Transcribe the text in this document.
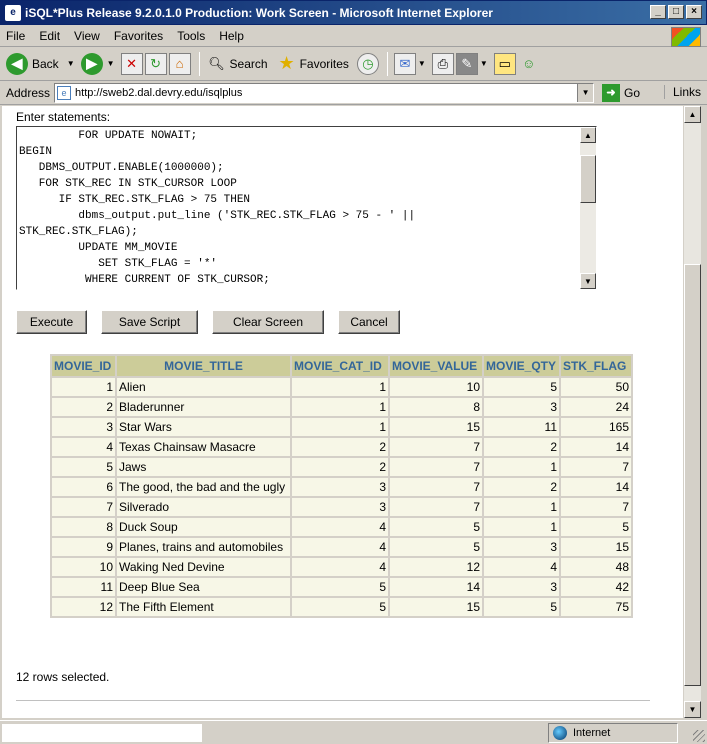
e iSQL*Plus Release 9.2.0.1.0 Production: Work Screen - Microsoft Internet Explorer	_	□	×
File Edit View Favorites Tools Help
◀ Back ▼ ▶	▼ ✕	↻	⌂	🔍︎ Search ★ Favorites	◷	✉ ▼ ⎙	✎ ▼ ▭ ☺
Address	e http://sweb2.dal.devry.edu/isqlplus	▼	➜ Go	Links
Enter statements:
FOR UPDATE NOWAIT;
BEGIN
DBMS_OUTPUT.ENABLE(1000000);
FOR STK_REC IN STK_CURSOR LOOP
IF STK_REC.STK_FLAG > 75 THEN
dbms_output.put_line ('STK_REC.STK_FLAG > 75 - ' ||
STK_REC.STK_FLAG);
UPDATE MM_MOVIE
SET STK_FLAG = '*'
WHERE CURRENT OF STK_CURSOR;
▲
▼
Execute	Save Script	Clear Screen	Cancel
MOVIE_ID	MOVIE_TITLE	MOVIE_CAT_ID	MOVIE_VALUE	MOVIE_QTY	STK_FLAG
1	Alien	1	10	5	50
2	Bladerunner	1	8	3	24
3	Star Wars	1	15	11	165
4	Texas Chainsaw Masacre	2	7	2	14
5	Jaws	2	7	1	7
6	The good, the bad and the ugly	3	7	2	14
7	Silverado	3	7	1	7
8	Duck Soup	4	5	1	5
9	Planes, trains and automobiles	4	5	3	15
10	Waking Ned Devine	4	12	4	48
11	Deep Blue Sea	5	14	3	42
12	The Fifth Element	5	15	5	75
12 rows selected.
▲
▼
Internet
